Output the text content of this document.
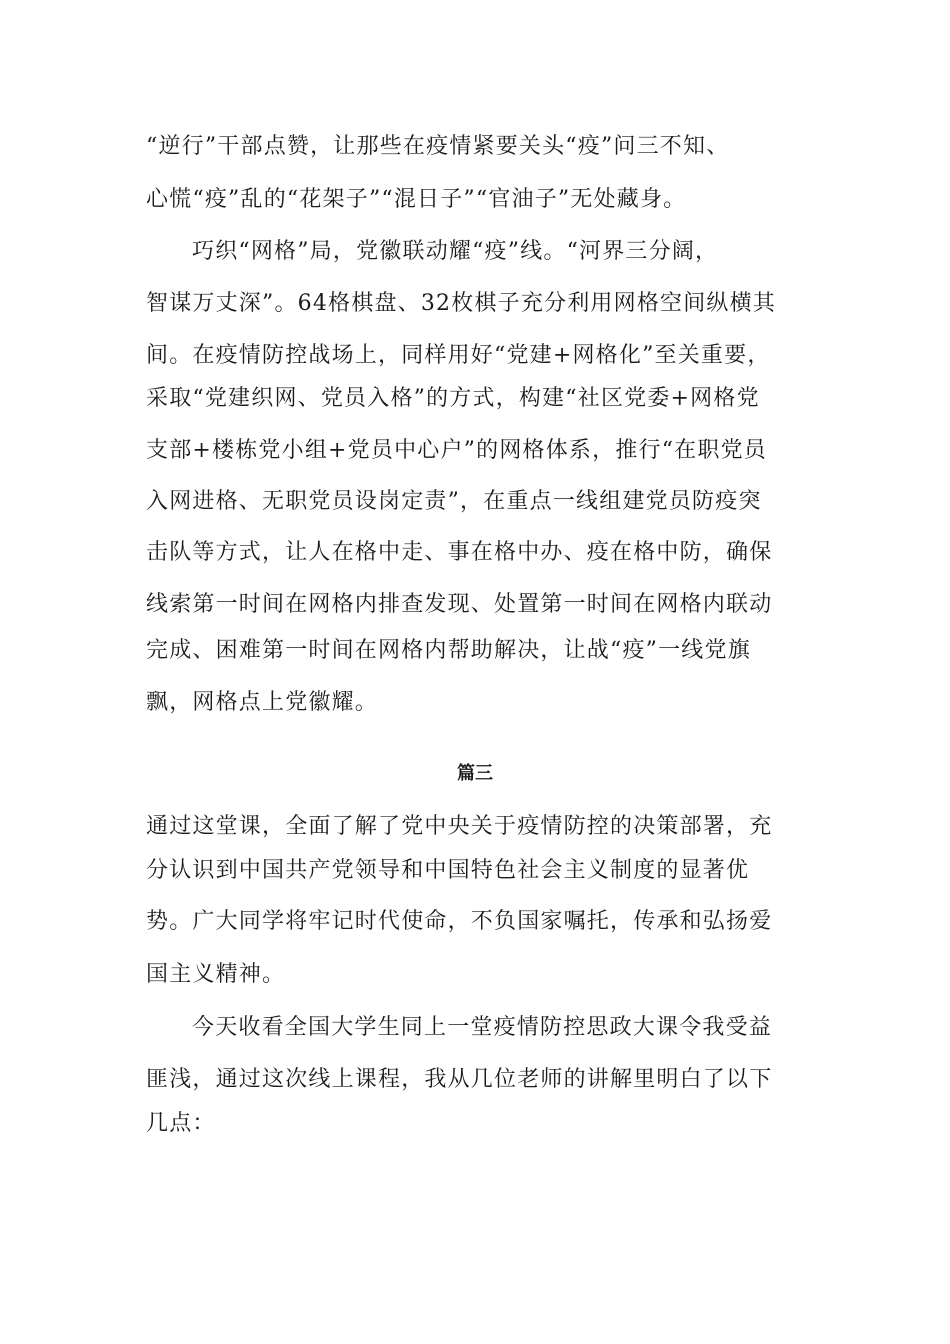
“逆行”干部点赞，让那些在疫情紧要关头“疫”问三不知、
心慌“疫”乱的“花架子”“混日子”“官油子”无处藏身。
巧织“网格”局，党徽联动耀“疫”线。“河界三分阔，
智谋万丈深”。64格棋盘、32枚棋子充分利用网格空间纵横其
间。在疫情防控战场上，同样用好“党建+网格化”至关重要，
采取“党建织网、党员入格”的方式，构建“社区党委+网格党
支部+楼栋党小组+党员中心户”的网格体系，推行“在职党员
入网进格、无职党员设岗定责”，在重点一线组建党员防疫突
击队等方式，让人在格中走、事在格中办、疫在格中防，确保
线索第一时间在网格内排查发现、处置第一时间在网格内联动
完成、困难第一时间在网格内帮助解决，让战“疫”一线党旗
飘，网格点上党徽耀。
篇三
通过这堂课，全面了解了党中央关于疫情防控的决策部署，充
分认识到中国共产党领导和中国特色社会主义制度的显著优
势。广大同学将牢记时代使命，不负国家嘱托，传承和弘扬爱
国主义精神。
今天收看全国大学生同上一堂疫情防控思政大课令我受益
匪浅，通过这次线上课程，我从几位老师的讲解里明白了以下
几点：
